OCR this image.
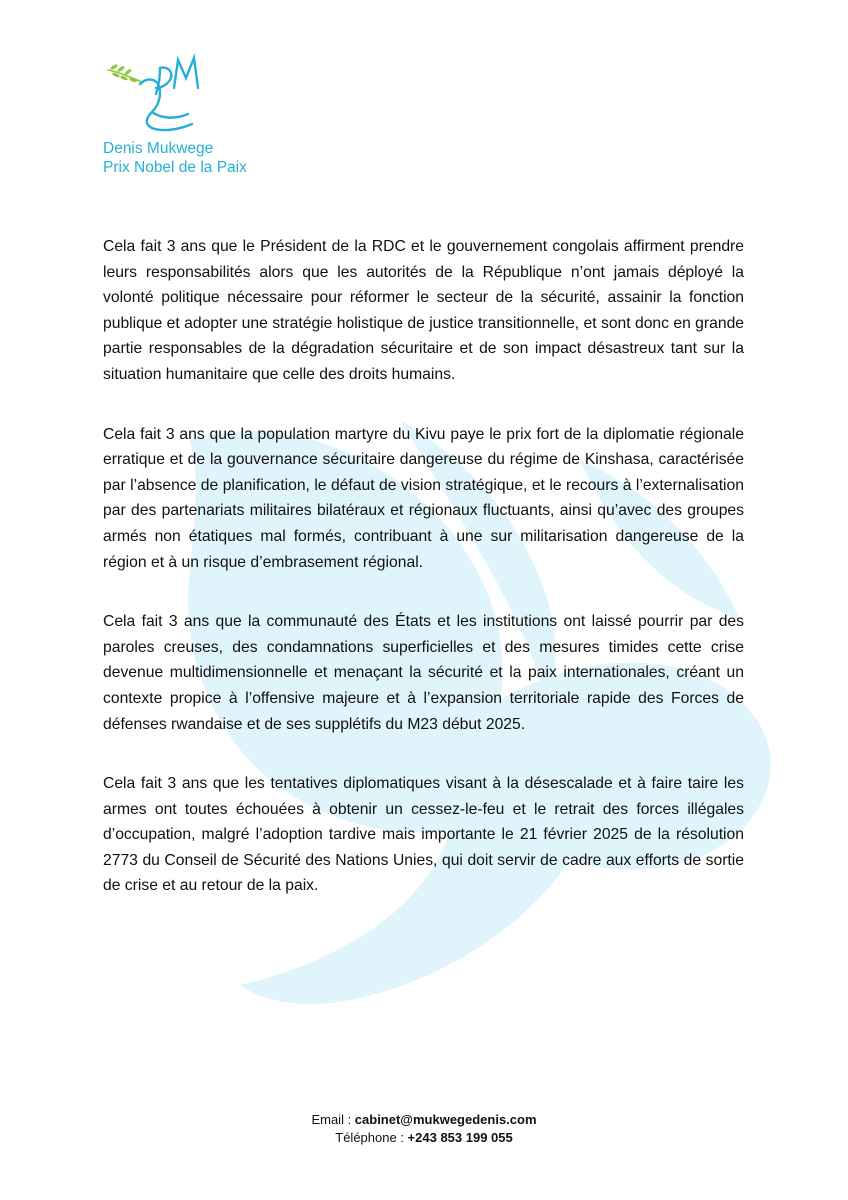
Denis Mukwege
Prix Nobel de la Paix

Cela fait 3 ans que le Président de la RDC et le gouvernement congolais affirment prendre leurs responsabilités alors que les autorités de la République n’ont jamais déployé la volonté politique nécessaire pour réformer le secteur de la sécurité, assainir la fonction publique et adopter une stratégie holistique de justice transitionnelle, et sont donc en grande partie responsables de la dégradation sécuritaire et de son impact désastreux tant sur la situation humanitaire que celle des droits humains.

Cela fait 3 ans que la population martyre du Kivu paye le prix fort de la diplomatie régionale erratique et de la gouvernance sécuritaire dangereuse du régime de Kinshasa, caractérisée par l’absence de planification, le défaut de vision stratégique, et le recours à l’externalisation par des partenariats militaires bilatéraux et régionaux fluctuants, ainsi qu’avec des groupes armés non étatiques mal formés, contribuant à une sur militarisation dangereuse de la région et à un risque d’embrasement régional.

Cela fait 3 ans que la communauté des États et les institutions ont laissé pourrir par des paroles creuses, des condamnations superficielles et des mesures timides cette crise devenue multidimensionnelle et menaçant la sécurité et la paix internationales, créant un contexte propice à l’offensive majeure et à l’expansion territoriale rapide des Forces de défenses rwandaise et de ses supplétifs du M23 début 2025.

Cela fait 3 ans que les tentatives diplomatiques visant à la désescalade et à faire taire les armes ont toutes échouées à obtenir un cessez-le-feu et le retrait des forces illégales d’occupation, malgré l’adoption tardive mais importante le 21 février 2025 de la résolution 2773 du Conseil de Sécurité des Nations Unies, qui doit servir de cadre aux efforts de sortie de crise et au retour de la paix.

Email : cabinet@mukwegedenis.com
Téléphone : +243 853 199 055
